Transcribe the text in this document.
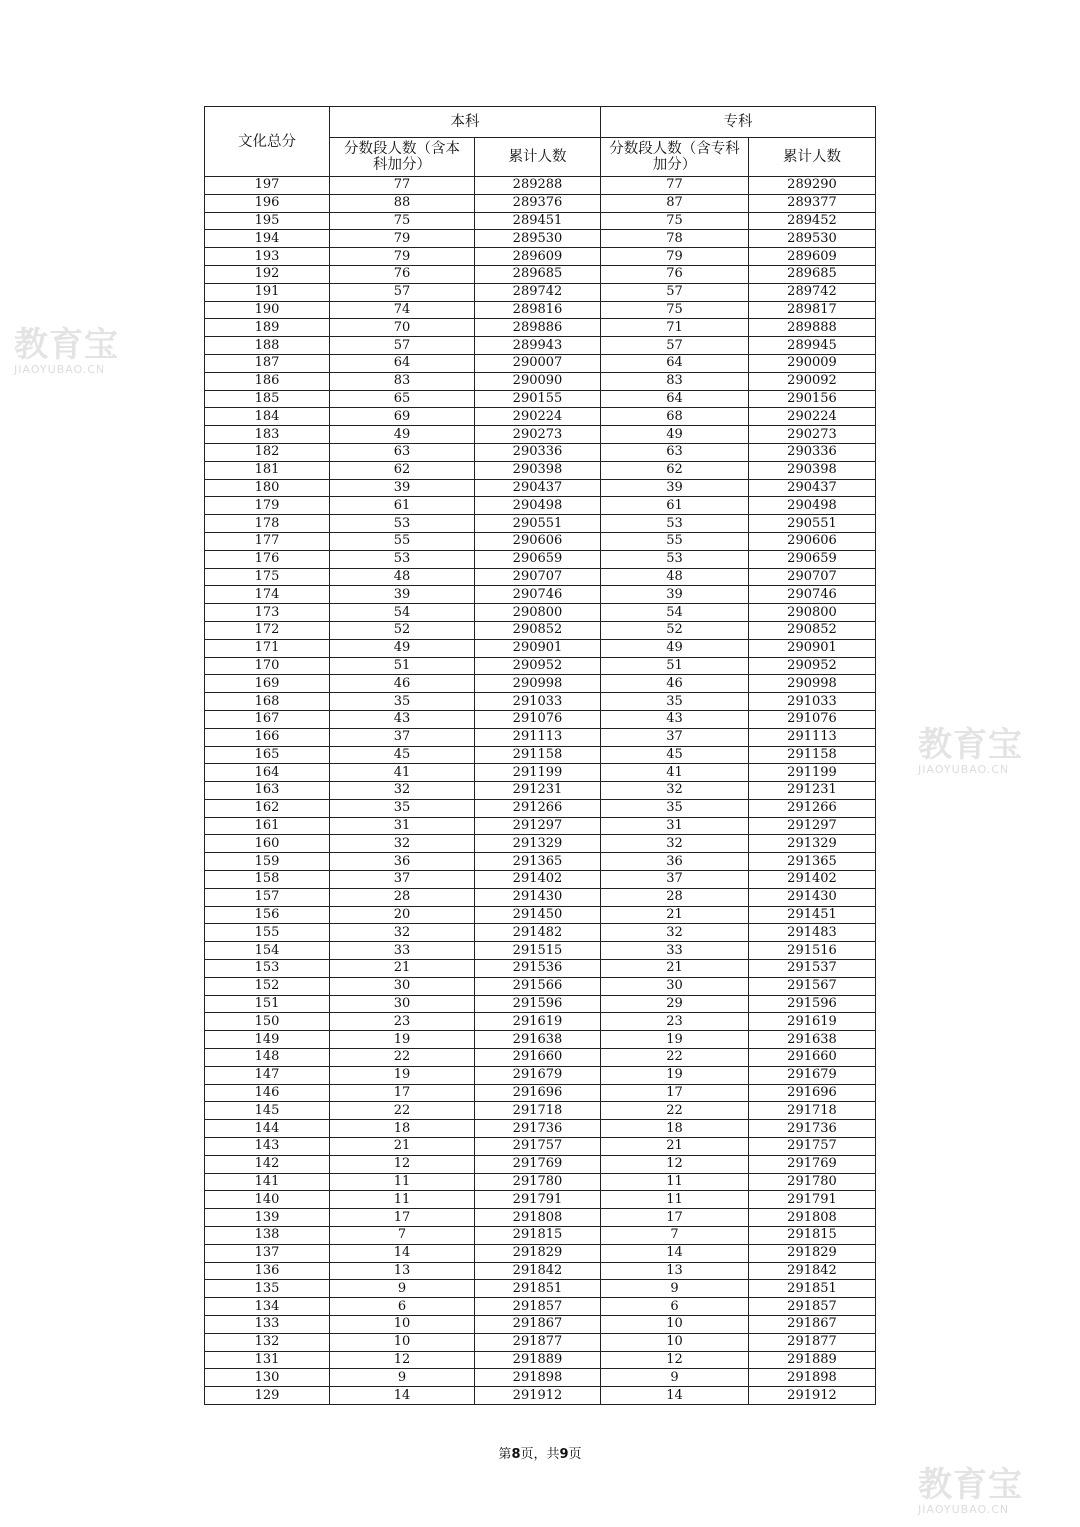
文化总分	本科		专科	
	分数段人数（含本科加分）	累计人数	分数段人数（含专科加分）	累计人数
197	77	289288	77	289290
196	88	289376	87	289377
195	75	289451	75	289452
194	79	289530	78	289530
193	79	289609	79	289609
192	76	289685	76	289685
191	57	289742	57	289742
190	74	289816	75	289817
189	70	289886	71	289888
188	57	289943	57	289945
187	64	290007	64	290009
186	83	290090	83	290092
185	65	290155	64	290156
184	69	290224	68	290224
183	49	290273	49	290273
182	63	290336	63	290336
181	62	290398	62	290398
180	39	290437	39	290437
179	61	290498	61	290498
178	53	290551	53	290551
177	55	290606	55	290606
176	53	290659	53	290659
175	48	290707	48	290707
174	39	290746	39	290746
173	54	290800	54	290800
172	52	290852	52	290852
171	49	290901	49	290901
170	51	290952	51	290952
169	46	290998	46	290998
168	35	291033	35	291033
167	43	291076	43	291076
166	37	291113	37	291113
165	45	291158	45	291158
164	41	291199	41	291199
163	32	291231	32	291231
162	35	291266	35	291266
161	31	291297	31	291297
160	32	291329	32	291329
159	36	291365	36	291365
158	37	291402	37	291402
157	28	291430	28	291430
156	20	291450	21	291451
155	32	291482	32	291483
154	33	291515	33	291516
153	21	291536	21	291537
152	30	291566	30	291567
151	30	291596	29	291596
150	23	291619	23	291619
149	19	291638	19	291638
148	22	291660	22	291660
147	19	291679	19	291679
146	17	291696	17	291696
145	22	291718	22	291718
144	18	291736	18	291736
143	21	291757	21	291757
142	12	291769	12	291769
141	11	291780	11	291780
140	11	291791	11	291791
139	17	291808	17	291808
138	7	291815	7	291815
137	14	291829	14	291829
136	13	291842	13	291842
135	9	291851	9	291851
134	6	291857	6	291857
133	10	291867	10	291867
132	10	291877	10	291877
131	12	291889	12	291889
130	9	291898	9	291898
129	14	291912	14	291912
第8页，共9页
教育宝
JIAOYUBAO.CN
教育宝
JIAOYUBAO.CN
教育宝
JIAOYUBAO.CN
